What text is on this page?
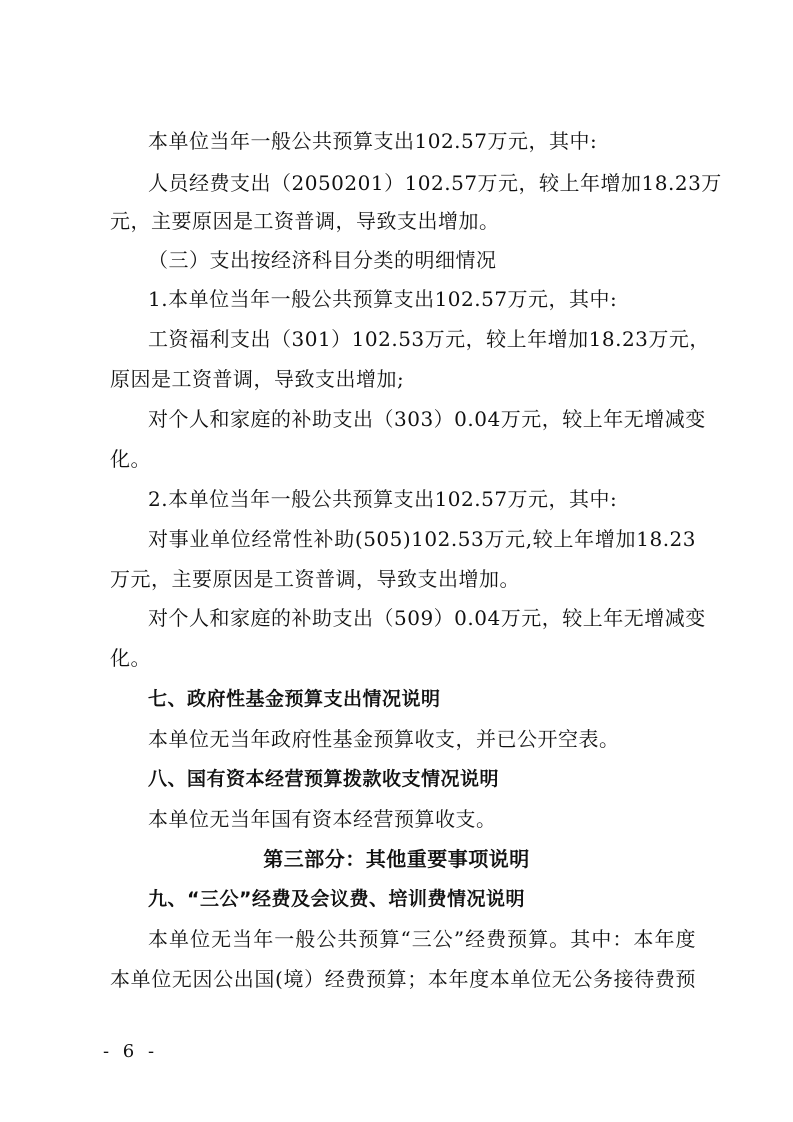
本单位当年一般公共预算支出102.57万元，其中:
人员经费支出（2050201）102.57万元，较上年增加18.23万
元，主要原因是工资普调，导致支出增加。
（三）支出按经济科目分类的明细情况
1.本单位当年一般公共预算支出102.57万元，其中:
工资福利支出（301）102.53万元，较上年增加18.23万元，
原因是工资普调，导致支出增加;
对个人和家庭的补助支出（303）0.04万元，较上年无增减变
化。
2.本单位当年一般公共预算支出102.57万元，其中:
对事业单位经常性补助(505)102.53万元,较上年增加18.23
万元，主要原因是工资普调，导致支出增加。
对个人和家庭的补助支出（509）0.04万元，较上年无增减变
化。
七、政府性基金预算支出情况说明
本单位无当年政府性基金预算收支，并已公开空表。
八、国有资本经营预算拨款收支情况说明
本单位无当年国有资本经营预算收支。
第三部分：其他重要事项说明
九、“三公”经费及会议费、培训费情况说明
本单位无当年一般公共预算“三公”经费预算。其中：本年度
本单位无因公出国(境）经费预算；本年度本单位无公务接待费预
- 6 -
